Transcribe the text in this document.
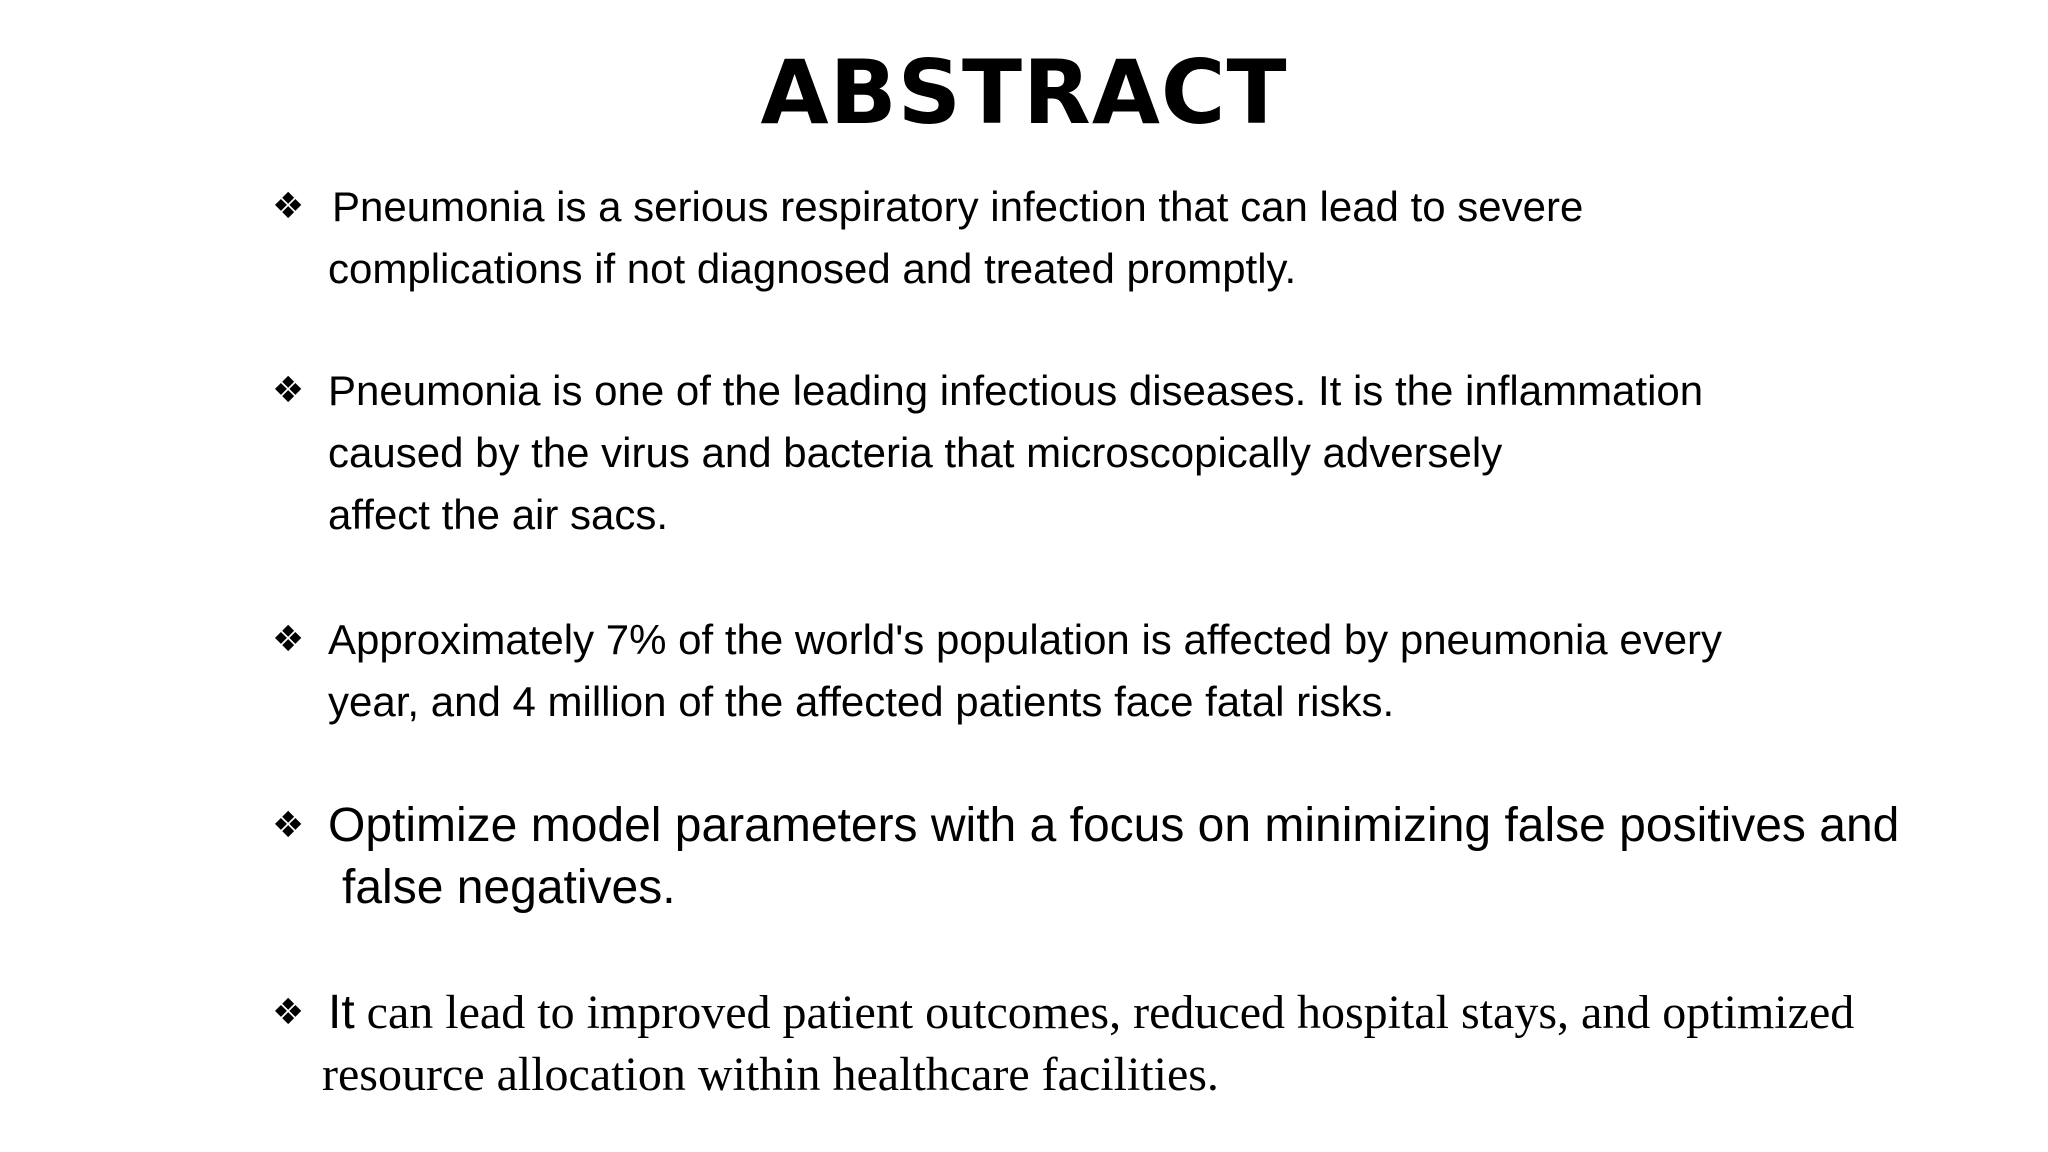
ABSTRACT
❖ Pneumonia is a serious respiratory infection that can lead to severe
complications if not diagnosed and treated promptly.
❖ Pneumonia is one of the leading infectious diseases. It is the inflammation
caused by the virus and bacteria that microscopically adversely
affect the air sacs.
❖ Approximately 7% of the world's population is affected by pneumonia every
year, and 4 million of the affected patients face fatal risks.
❖ Optimize model parameters with a focus on minimizing false positives and
false negatives.
❖ It can lead to improved patient outcomes, reduced hospital stays, and optimized
resource allocation within healthcare facilities.
